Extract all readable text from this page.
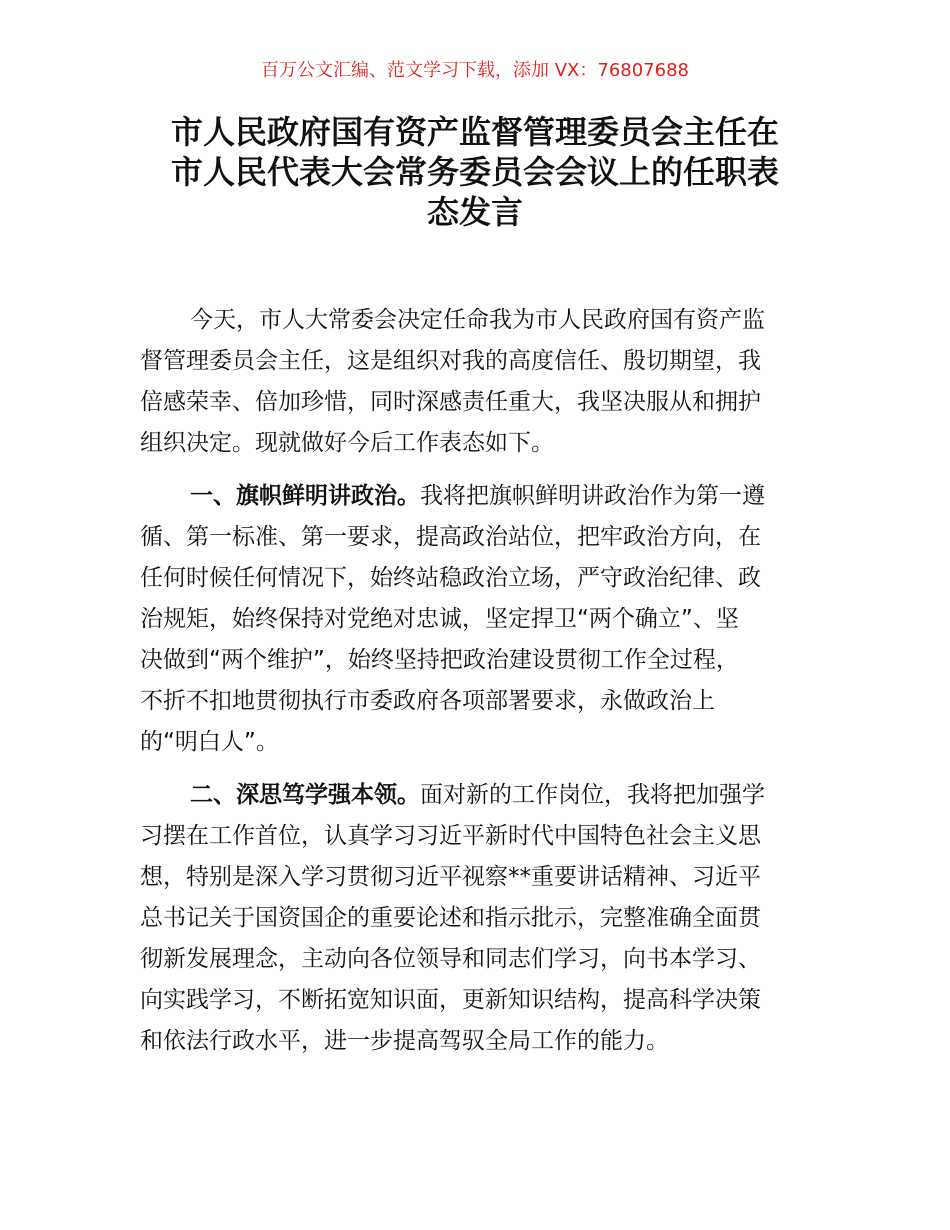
百万公文汇编、范文学习下载，添加 VX：76807688
市人民政府国有资产监督管理委员会主任在
市人民代表大会常务委员会会议上的任职表
态发言
今天，市人大常委会决定任命我为市人民政府国有资产监
督管理委员会主任，这是组织对我的高度信任、殷切期望，我
倍感荣幸、倍加珍惜，同时深感责任重大，我坚决服从和拥护
组织决定。现就做好今后工作表态如下。
一、旗帜鲜明讲政治。我将把旗帜鲜明讲政治作为第一遵
循、第一标准、第一要求，提高政治站位，把牢政治方向，在
任何时候任何情况下，始终站稳政治立场，严守政治纪律、政
治规矩，始终保持对党绝对忠诚，坚定捍卫“两个确立”、坚
决做到“两个维护”，始终坚持把政治建设贯彻工作全过程，
不折不扣地贯彻执行市委政府各项部署要求，永做政治上
的“明白人”。
二、深思笃学强本领。面对新的工作岗位，我将把加强学
习摆在工作首位，认真学习习近平新时代中国特色社会主义思
想，特别是深入学习贯彻习近平视察**重要讲话精神、习近平
总书记关于国资国企的重要论述和指示批示，完整准确全面贯
彻新发展理念，主动向各位领导和同志们学习，向书本学习、
向实践学习，不断拓宽知识面，更新知识结构，提高科学决策
和依法行政水平，进一步提高驾驭全局工作的能力。
